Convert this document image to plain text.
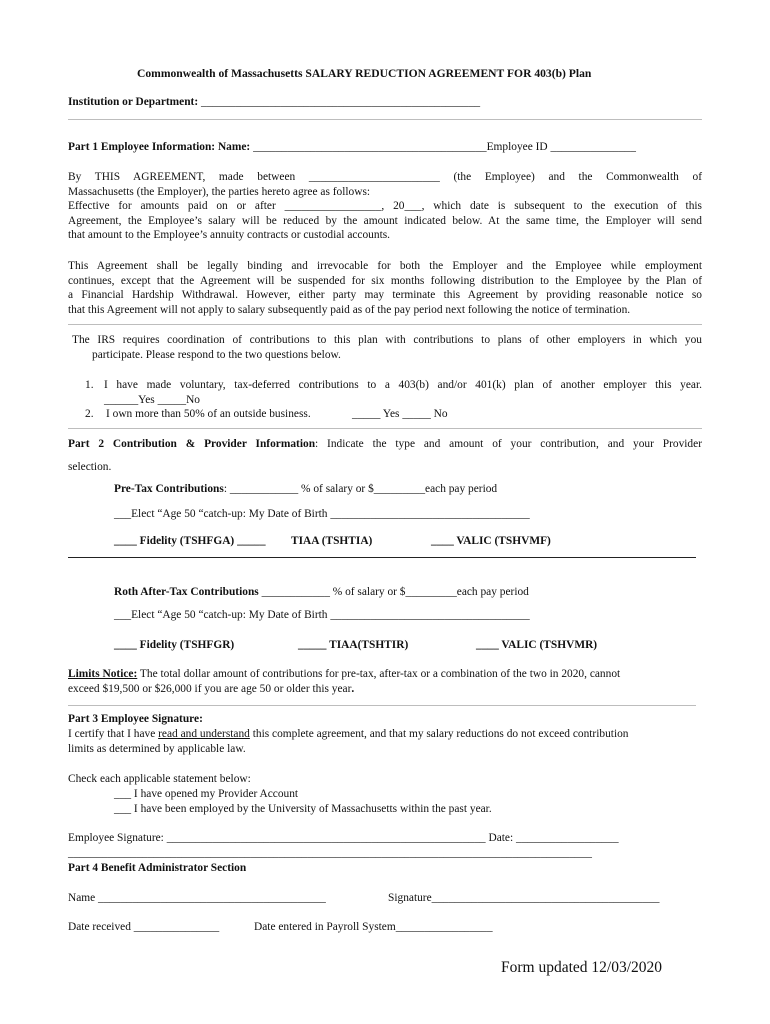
Commonwealth of Massachusetts SALARY REDUCTION AGREEMENT FOR 403(b) Plan
Institution or Department: _________________________________________________
Part 1 Employee Information: Name: _________________________________________Employee ID _______________
By THIS AGREEMENT, made between _______________________ (the Employee) and the Commonwealth of
Massachusetts (the Employer), the parties hereto agree as follows:
Effective for amounts paid on or after _________________, 20___, which date is subsequent to the execution of this
Agreement, the Employee’s salary will be reduced by the amount indicated below. At the same time, the Employer will send
that amount to the Employee’s annuity contracts or custodial accounts.
This Agreement shall be legally binding and irrevocable for both the Employer and the Employee while employment
continues, except that the Agreement will be suspended for six months following distribution to the Employee by the Plan of
a Financial Hardship Withdrawal. However, either party may terminate this Agreement by providing reasonable notice so
that this Agreement will not apply to salary subsequently paid as of the pay period next following the notice of termination.
The IRS requires coordination of contributions to this plan with contributions to plans of other employers in which you
participate. Please respond to the two questions below.
1. I have made voluntary, tax-deferred contributions to a 403(b) and/or 401(k) plan of another employer this year.
______Yes _____No
2. I own more than 50% of an outside business.	_____ Yes _____ No
Part 2 Contribution & Provider Information: Indicate the type and amount of your contribution, and your Provider
selection.
Pre-Tax Contributions: ____________ % of salary or $_________each pay period
___Elect “Age 50 “catch-up: My Date of Birth ___________________________________
____ Fidelity (TSHFGA) _____ TIAA (TSHTIA)	____ VALIC (TSHVMF)
Roth After-Tax Contributions ____________ % of salary or $_________each pay period
___Elect “Age 50 “catch-up: My Date of Birth ___________________________________
____ Fidelity (TSHFGR)	_____ TIAA(TSHTIR)	____ VALIC (TSHVMR)
Limits Notice: The total dollar amount of contributions for pre-tax, after-tax or a combination of the two in 2020, cannot
exceed $19,500 or $26,000 if you are age 50 or older this year.
Part 3 Employee Signature:
I certify that I have read and understand this complete agreement, and that my salary reductions do not exceed contribution
limits as determined by applicable law.
Check each applicable statement below:
___ I have opened my Provider Account
___ I have been employed by the University of Massachusetts within the past year.
Employee Signature: ________________________________________________________ Date: __________________
____________________________________________________________________________________________
Part 4 Benefit Administrator Section
Name ________________________________________	Signature________________________________________
Date received _______________	Date entered in Payroll System_________________
Form updated 12/03/2020
